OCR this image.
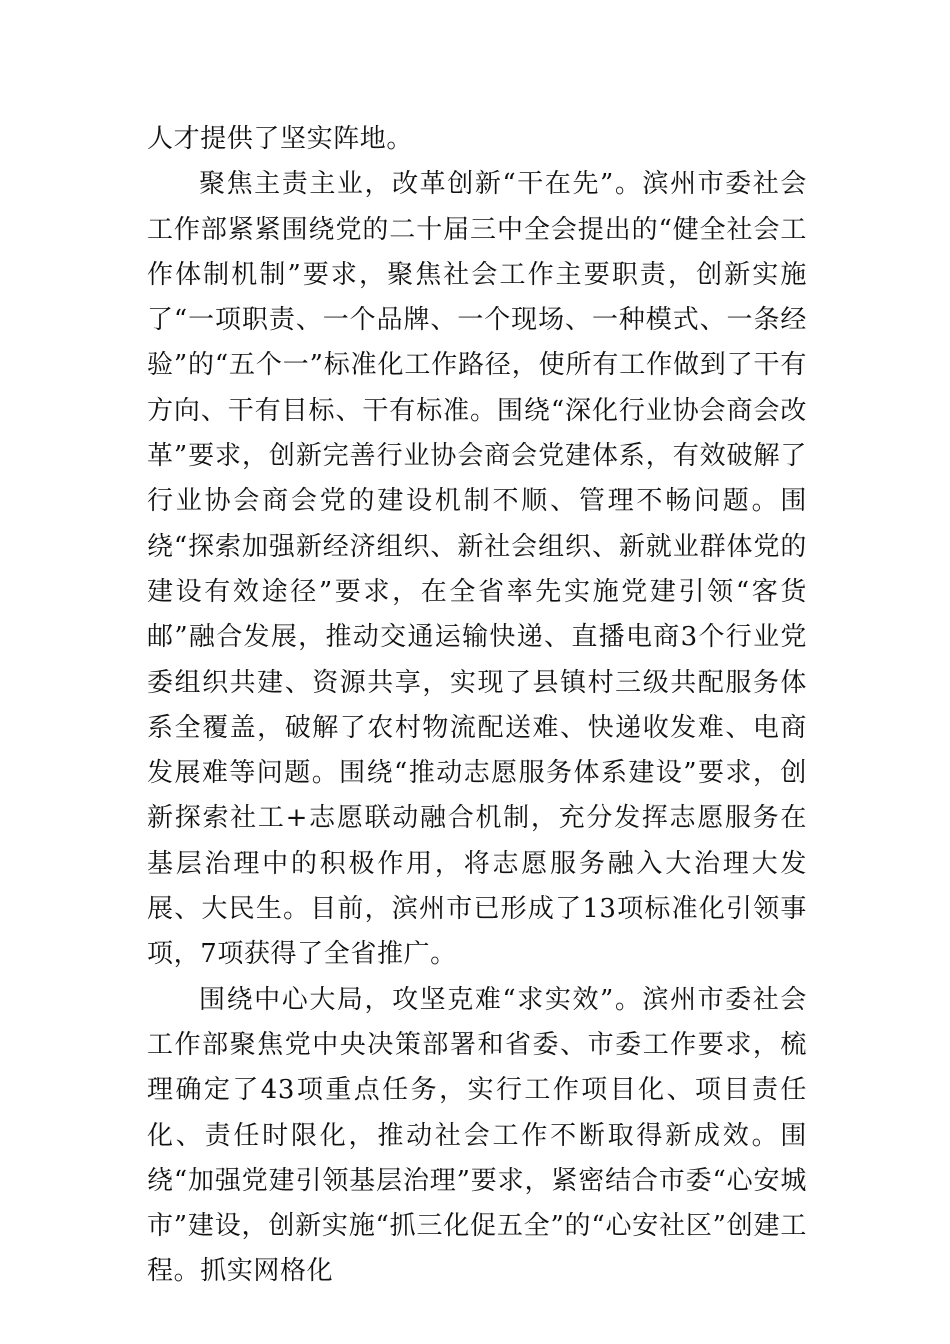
人才提供了坚实阵地。

聚焦主责主业，改革创新“干在先”。滨州市委社会工作部紧紧围绕党的二十届三中全会提出的“健全社会工作体制机制”要求，聚焦社会工作主要职责，创新实施了“一项职责、一个品牌、一个现场、一种模式、一条经验”的“五个一”标准化工作路径，使所有工作做到了干有方向、干有目标、干有标准。围绕“深化行业协会商会改革”要求，创新完善行业协会商会党建体系，有效破解了行业协会商会党的建设机制不顺、管理不畅问题。围绕“探索加强新经济组织、新社会组织、新就业群体党的建设有效途径”要求，在全省率先实施党建引领“客货邮”融合发展，推动交通运输快递、直播电商3个行业党委组织共建、资源共享，实现了县镇村三级共配服务体系全覆盖，破解了农村物流配送难、快递收发难、电商发展难等问题。围绕“推动志愿服务体系建设”要求，创新探索社工+志愿联动融合机制，充分发挥志愿服务在基层治理中的积极作用，将志愿服务融入大治理大发展、大民生。目前，滨州市已形成了13项标准化引领事项，7项获得了全省推广。

围绕中心大局，攻坚克难“求实效”。滨州市委社会工作部聚焦党中央决策部署和省委、市委工作要求，梳理确定了43项重点任务，实行工作项目化、项目责任化、责任时限化，推动社会工作不断取得新成效。围绕“加强党建引领基层治理”要求，紧密结合市委“心安城市”建设，创新实施“抓三化促五全”的“心安社区”创建工程。抓实网格化
